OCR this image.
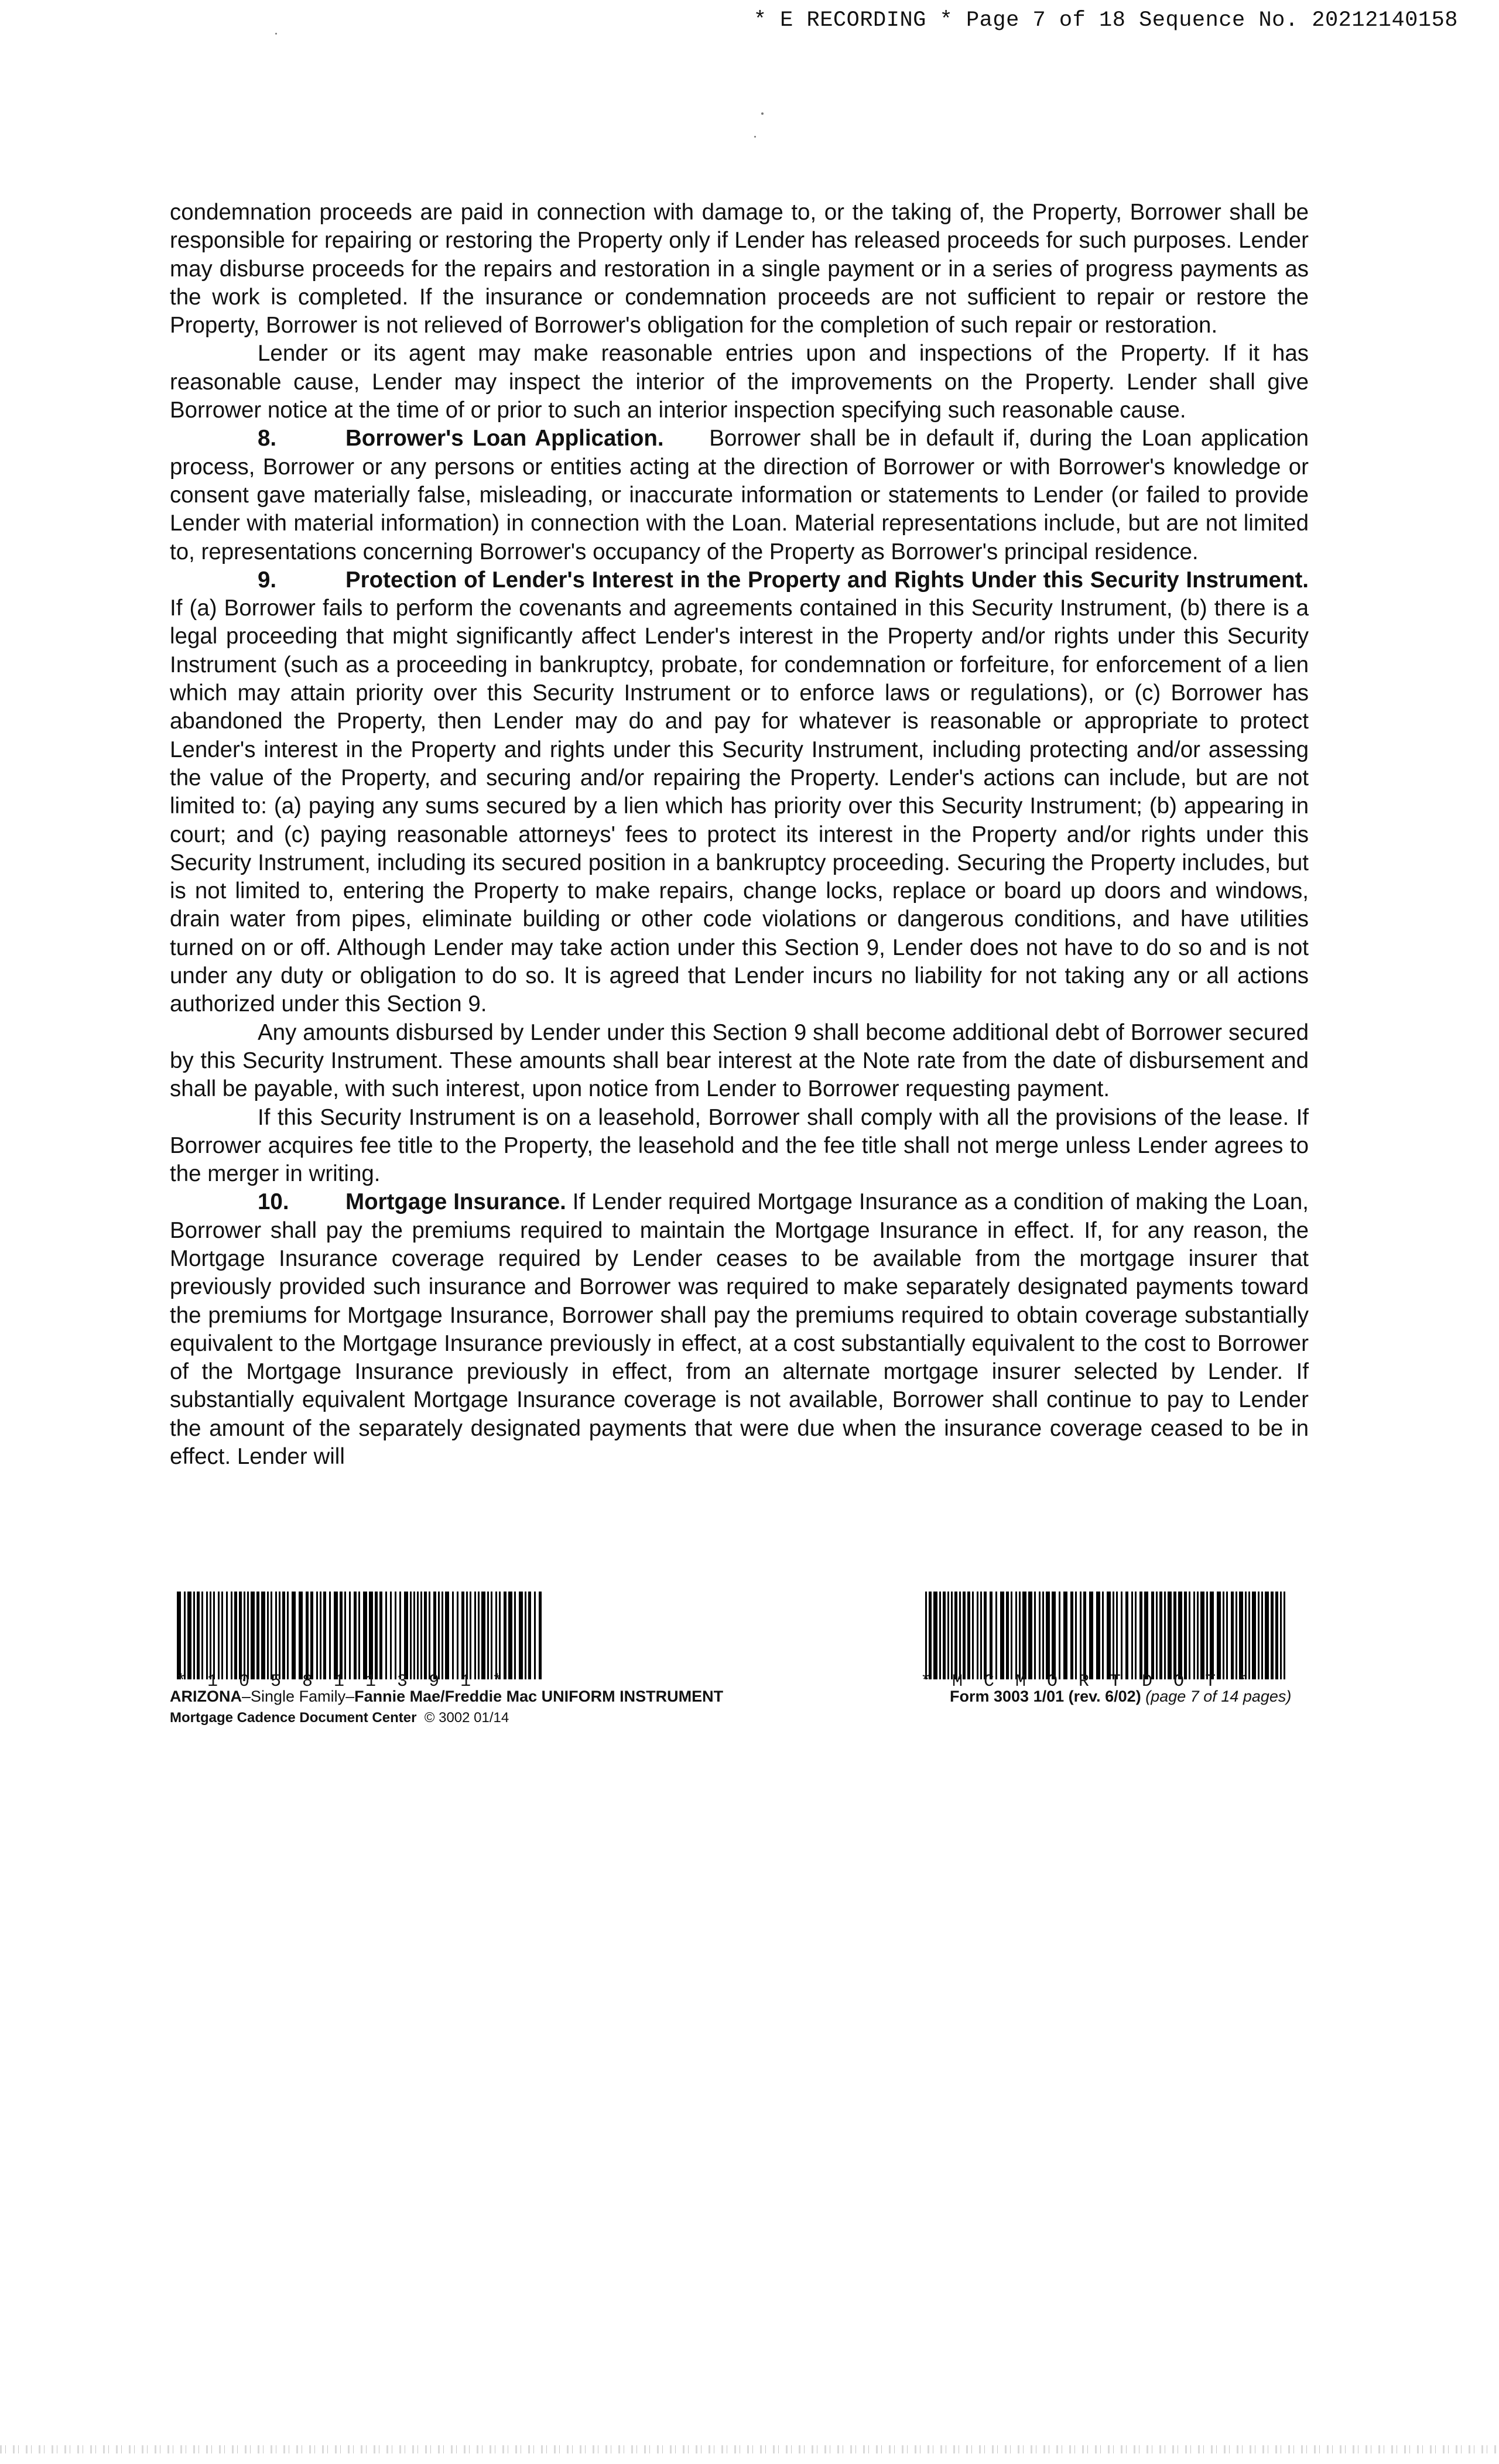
* E RECORDING * Page 7 of 18 Sequence No. 20212140158

condemnation proceeds are paid in connection with damage to, or the taking of, the Property, Borrower shall be responsible for repairing or restoring the Property only if Lender has released proceeds for such purposes. Lender may disburse proceeds for the repairs and restoration in a single payment or in a series of progress payments as the work is completed. If the insurance or condemnation proceeds are not sufficient to repair or restore the Property, Borrower is not relieved of Borrower's obligation for the completion of such repair or restoration.

Lender or its agent may make reasonable entries upon and inspections of the Property. If it has reasonable cause, Lender may inspect the interior of the improvements on the Property. Lender shall give Borrower notice at the time of or prior to such an interior inspection specifying such reasonable cause.

8.	Borrower's Loan Application. Borrower shall be in default if, during the Loan application process, Borrower or any persons or entities acting at the direction of Borrower or with Borrower's knowledge or consent gave materially false, misleading, or inaccurate information or statements to Lender (or failed to provide Lender with material information) in connection with the Loan. Material representations include, but are not limited to, representations concerning Borrower's occupancy of the Property as Borrower's principal residence.

9.	Protection of Lender's Interest in the Property and Rights Under this Security Instrument. If (a) Borrower fails to perform the covenants and agreements contained in this Security Instrument, (b) there is a legal proceeding that might significantly affect Lender's interest in the Property and/or rights under this Security Instrument (such as a proceeding in bankruptcy, probate, for condemnation or forfeiture, for enforcement of a lien which may attain priority over this Security Instrument or to enforce laws or regulations), or (c) Borrower has abandoned the Property, then Lender may do and pay for whatever is reasonable or appropriate to protect Lender's interest in the Property and rights under this Security Instrument, including protecting and/or assessing the value of the Property, and securing and/or repairing the Property. Lender's actions can include, but are not limited to: (a) paying any sums secured by a lien which has priority over this Security Instrument; (b) appearing in court; and (c) paying reasonable attorneys' fees to protect its interest in the Property and/or rights under this Security Instrument, including its secured position in a bankruptcy proceeding. Securing the Property includes, but is not limited to, entering the Property to make repairs, change locks, replace or board up doors and windows, drain water from pipes, eliminate building or other code violations or dangerous conditions, and have utilities turned on or off. Although Lender may take action under this Section 9, Lender does not have to do so and is not under any duty or obligation to do so. It is agreed that Lender incurs no liability for not taking any or all actions authorized under this Section 9.

Any amounts disbursed by Lender under this Section 9 shall become additional debt of Borrower secured by this Security Instrument. These amounts shall bear interest at the Note rate from the date of disbursement and shall be payable, with such interest, upon notice from Lender to Borrower requesting payment.

If this Security Instrument is on a leasehold, Borrower shall comply with all the provisions of the lease. If Borrower acquires fee title to the Property, the leasehold and the fee title shall not merge unless Lender agrees to the merger in writing.

10.	Mortgage Insurance. If Lender required Mortgage Insurance as a condition of making the Loan, Borrower shall pay the premiums required to maintain the Mortgage Insurance in effect. If, for any reason, the Mortgage Insurance coverage required by Lender ceases to be available from the mortgage insurer that previously provided such insurance and Borrower was required to make separately designated payments toward the premiums for Mortgage Insurance, Borrower shall pay the premiums required to obtain coverage substantially equivalent to the Mortgage Insurance previously in effect, at a cost substantially equivalent to the cost to Borrower of the Mortgage Insurance previously in effect, from an alternate mortgage insurer selected by Lender. If substantially equivalent Mortgage Insurance coverage is not available, Borrower shall continue to pay to Lender the amount of the separately designated payments that were due when the insurance coverage ceased to be in effect. Lender will

*  1  0  5  8  1  1  3  9  1  *	*  M  C  M  O  R  T  D  O  T  *
ARIZONA–Single Family–Fannie Mae/Freddie Mac UNIFORM INSTRUMENT
Mortgage Cadence Document Center © 3002 01/14
Form 3003 1/01 (rev. 6/02) (page 7 of 14 pages)
